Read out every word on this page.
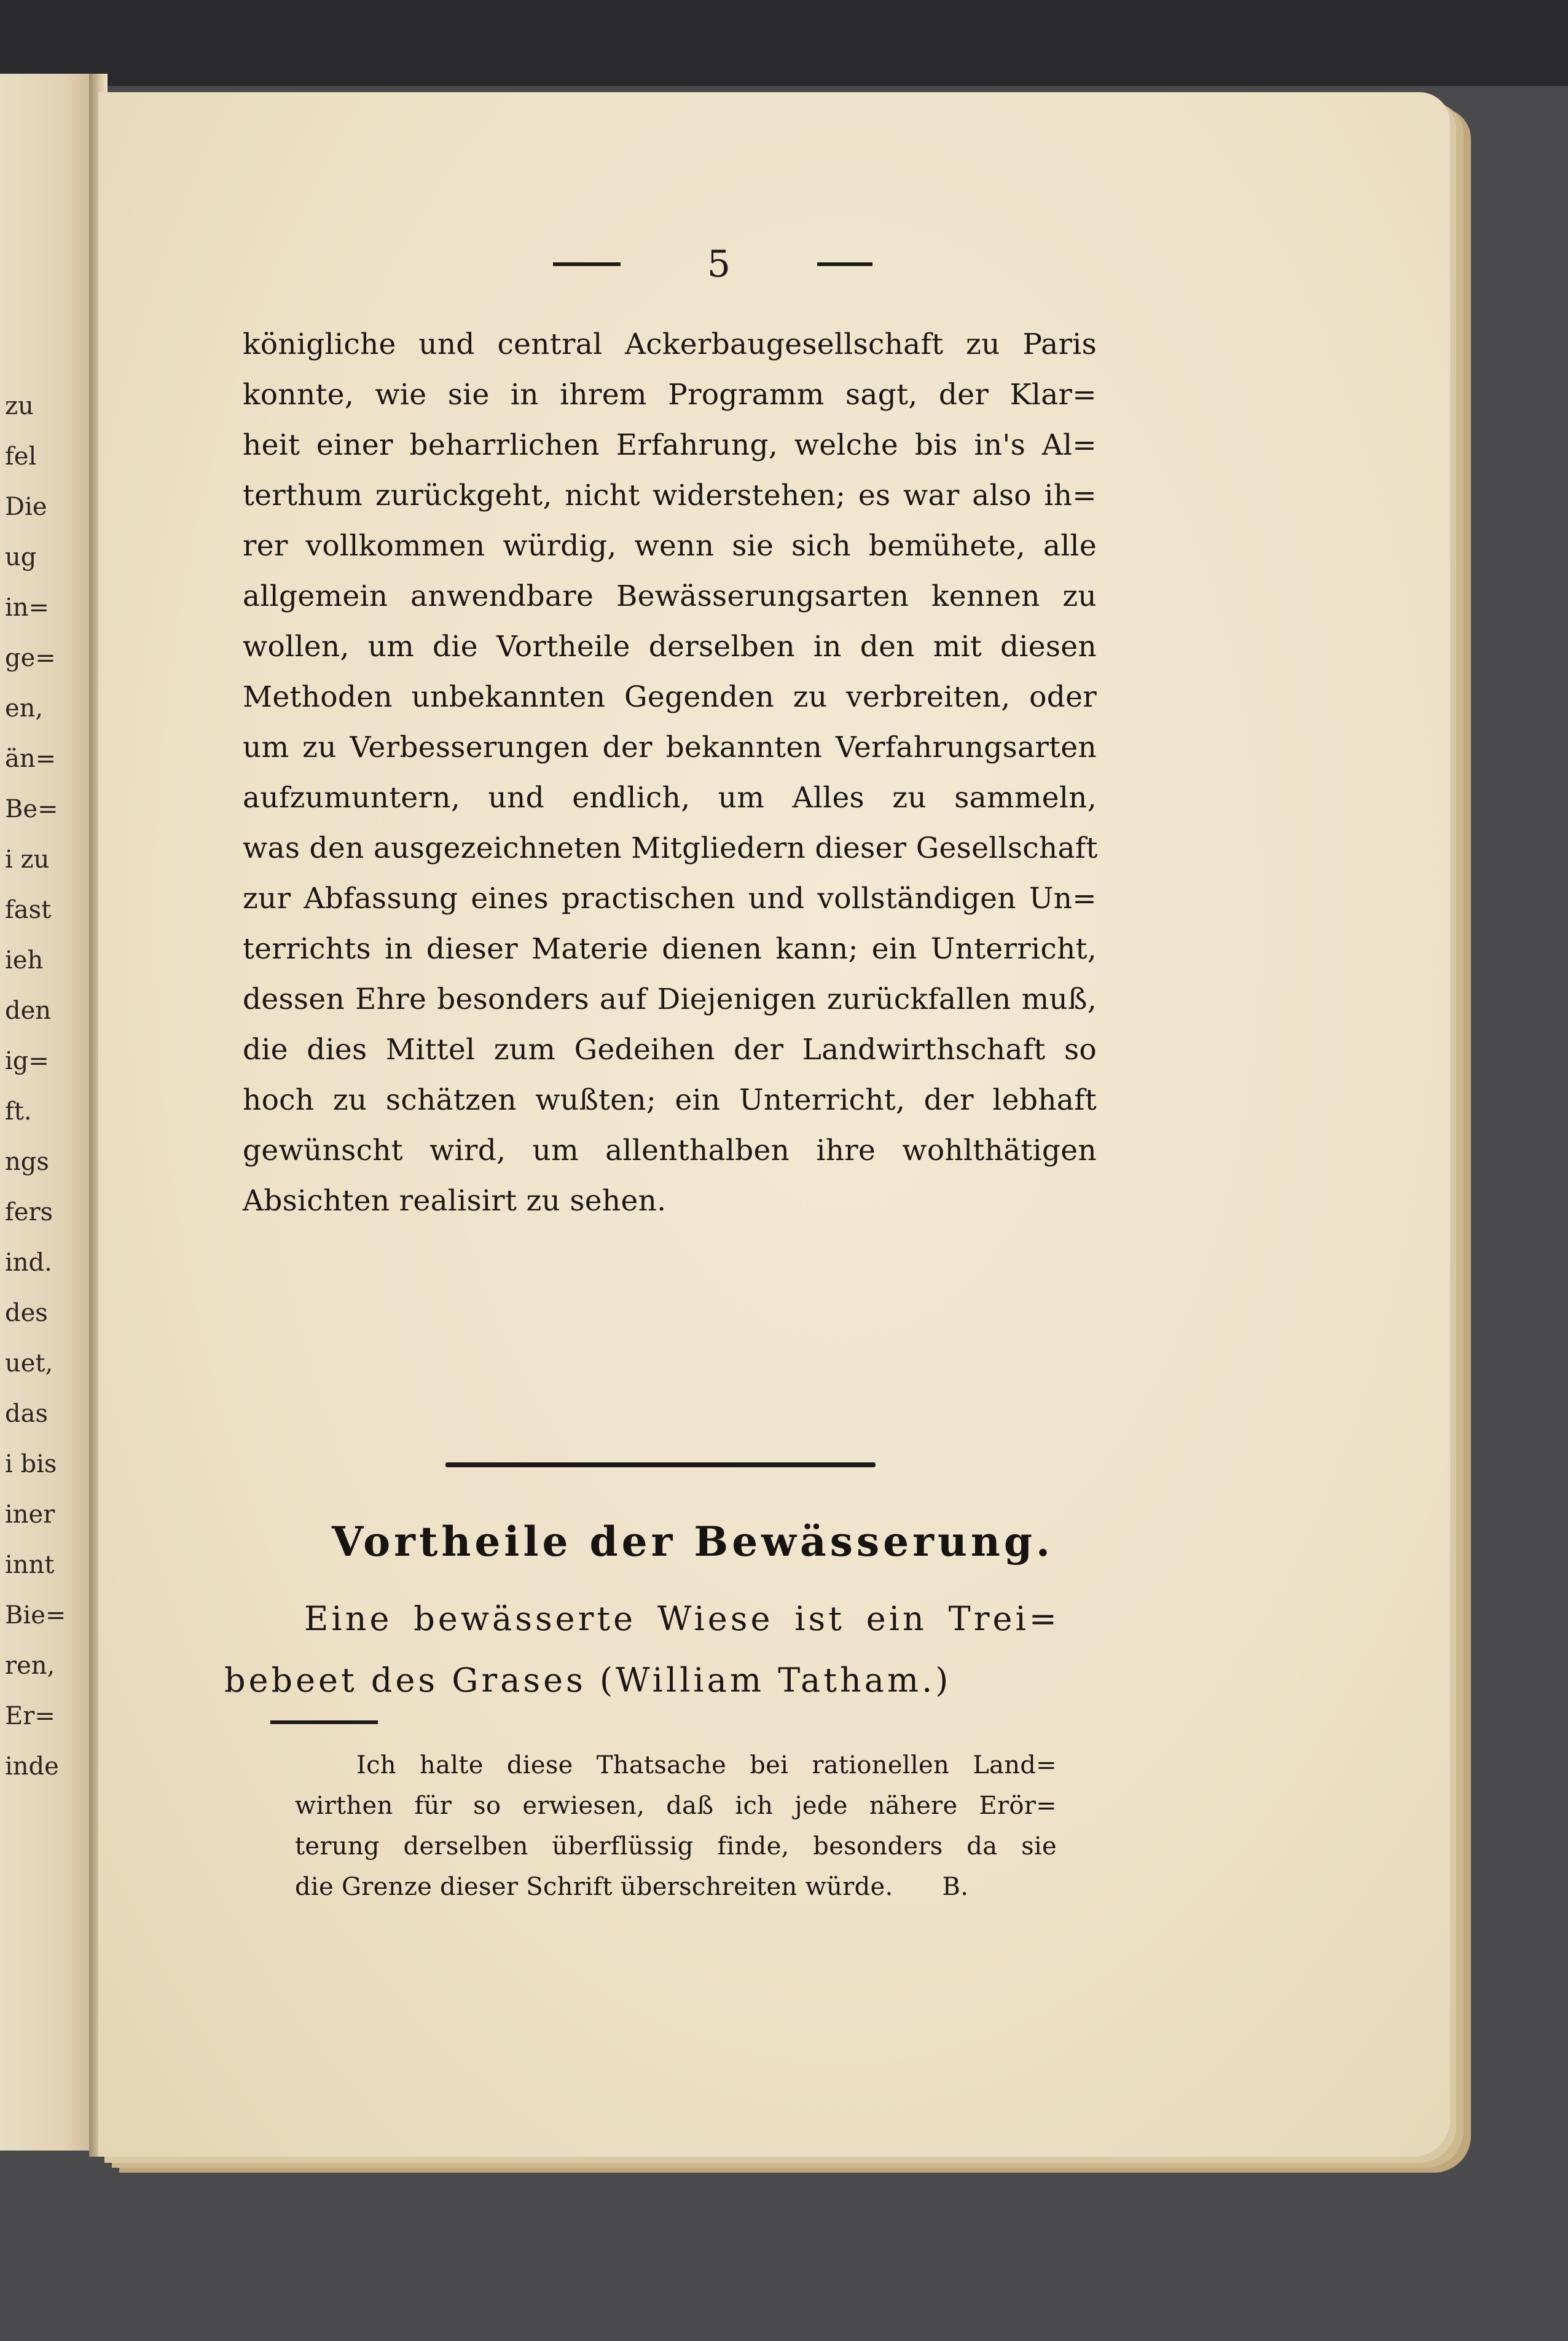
zu
fel
Die
ug
in=
ge=
en,
än=
Be=
i zu
fast
ieh
den
ig=
ft.
ngs
fers
ind.
des
uet,
das
i bis
iner
innt
Bie=
ren,
Er=
inde
5
königliche und central Ackerbaugesellschaft zu Paris
konnte, wie sie in ihrem Programm sagt, der Klar=
heit einer beharrlichen Erfahrung, welche bis in's Al=
terthum zurückgeht, nicht widerstehen; es war also ih=
rer vollkommen würdig, wenn sie sich bemühete, alle
allgemein anwendbare Bewässerungsarten kennen zu
wollen, um die Vortheile derselben in den mit diesen
Methoden unbekannten Gegenden zu verbreiten, oder
um zu Verbesserungen der bekannten Verfahrungsarten
aufzumuntern, und endlich, um Alles zu sammeln,
was den ausgezeichneten Mitgliedern dieser Gesellschaft
zur Abfassung eines practischen und vollständigen Un=
terrichts in dieser Materie dienen kann; ein Unterricht,
dessen Ehre besonders auf Diejenigen zurückfallen muß,
die dies Mittel zum Gedeihen der Landwirthschaft so
hoch zu schätzen wußten; ein Unterricht, der lebhaft
gewünscht wird, um allenthalben ihre wohlthätigen
Absichten realisirt zu sehen.
Vortheile der Bewässerung.
Eine bewässerte Wiese ist ein Trei=
bebeet des Grases (William Tatham.)
Ich halte diese Thatsache bei rationellen Land=
wirthen für so erwiesen, daß ich jede nähere Erör=
terung derselben überflüssig finde, besonders da sie
die Grenze dieser Schrift überschreiten würde. B.
